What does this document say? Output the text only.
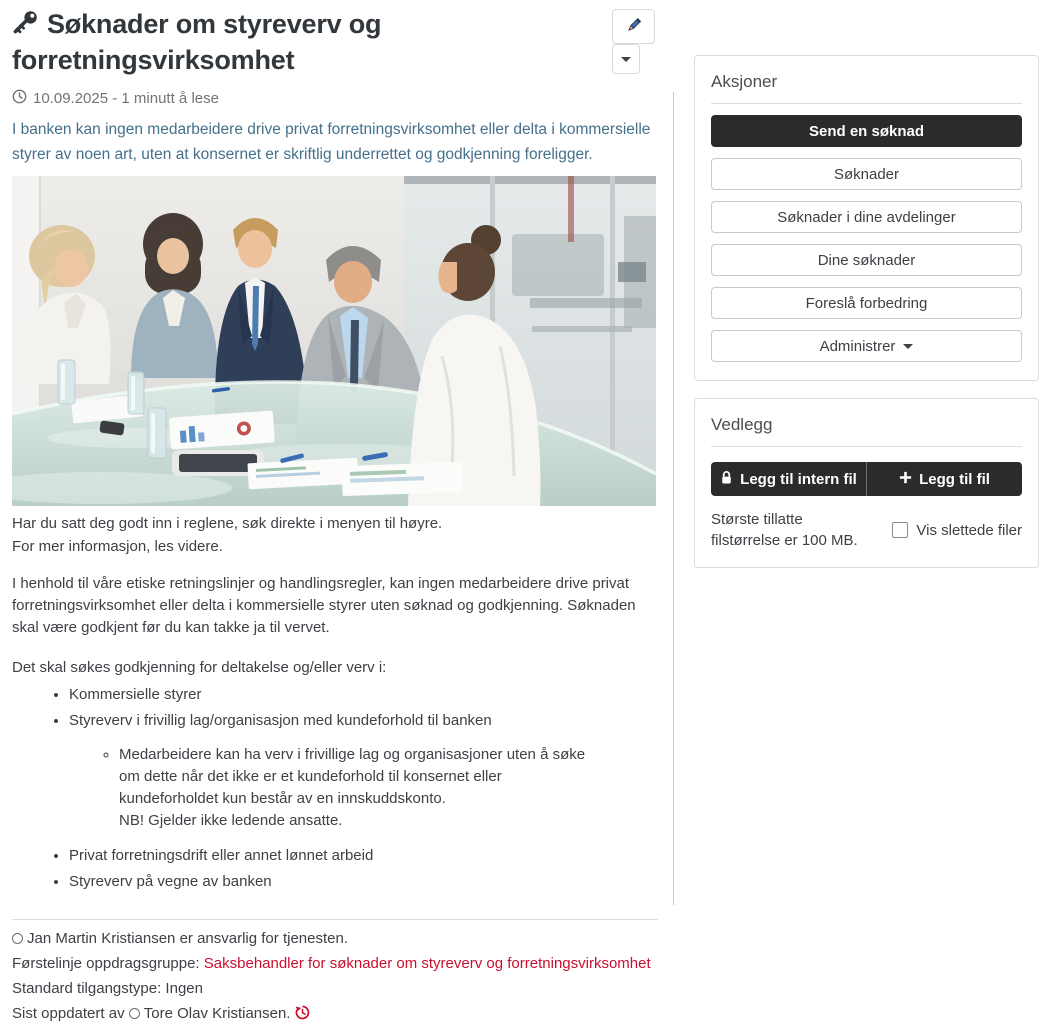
Søknader om styreverv og forretningsvirksomhet
10.09.2025 - 1 minutt å lese

I banken kan ingen medarbeidere drive privat forretningsvirksomhet eller delta i kommersielle styrer av noen art, uten at konsernet er skriftlig underrettet og godkjenning foreligger.

Har du satt deg godt inn i reglene, søk direkte i menyen til høyre.
For mer informasjon, les videre.

I henhold til våre etiske retningslinjer og handlingsregler, kan ingen medarbeidere drive privat forretningsvirksomhet eller delta i kommersielle styrer uten søknad og godkjenning. Søknaden skal være godkjent før du kan takke ja til vervet.

Det skal søkes godkjenning for deltakelse og/eller verv i:

• Kommersielle styrer
• Styreverv i frivillig lag/organisasjon med kundeforhold til banken
◦ Medarbeidere kan ha verv i frivillige lag og organisasjoner uten å søke om dette når det ikke er et kundeforhold til konsernet eller kundeforholdet kun består av en innskuddskonto.
NB! Gjelder ikke ledende ansatte.
• Privat forretningsdrift eller annet lønnet arbeid
• Styreverv på vegne av banken

Jan Martin Kristiansen er ansvarlig for tjenesten.

Førstelinje oppdragsgruppe: Saksbehandler for søknader om styreverv og forretningsvirksomhet

Standard tilgangstype: Ingen

Sist oppdatert av Tore Olav Kristiansen.

Aksjoner
Send en søknad
Søknader
Søknader i dine avdelinger
Dine søknader
Foreslå forbedring
Administrer
Vedlegg
Legg til intern fil	Legg til fil
Største tillatte filstørrelse er 100 MB.
Vis slettede filer
